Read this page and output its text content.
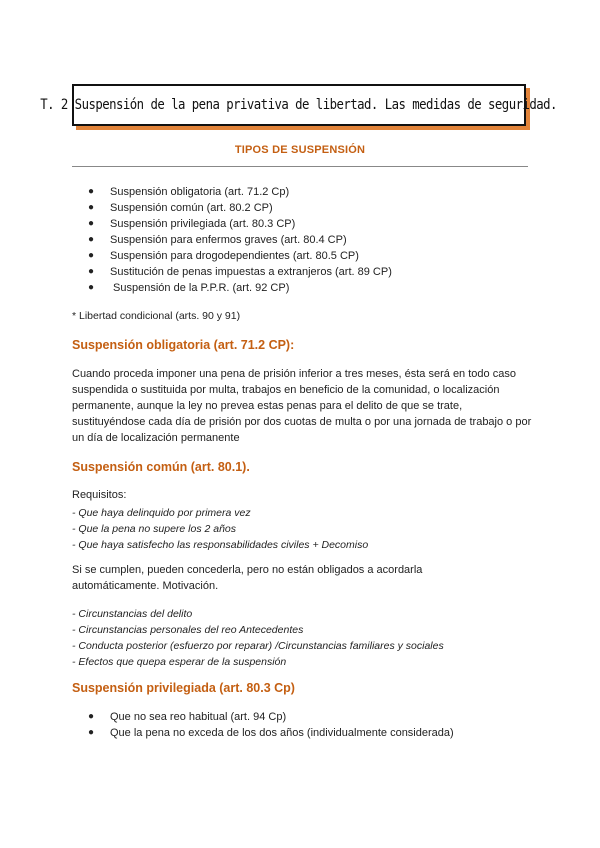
T. 2 Suspensión de la pena privativa de libertad. Las medidas de seguridad.
TIPOS DE SUSPENSIÓN
● Suspensión obligatoria (art. 71.2 Cp)
● Suspensión común (art. 80.2 CP)
● Suspensión privilegiada (art. 80.3 CP)
● Suspensión para enfermos graves (art. 80.4 CP)
● Suspensión para drogodependientes (art. 80.5 CP)
● Sustitución de penas impuestas a extranjeros (art. 89 CP)
● Suspensión de la P.P.R. (art. 92 CP)
* Libertad condicional (arts. 90 y 91)
Suspensión obligatoria (art. 71.2 CP):

Cuando proceda imponer una pena de prisión inferior a tres meses, ésta será en todo caso suspendida o sustituida por multa, trabajos en beneficio de la comunidad, o localización permanente, aunque la ley no prevea estas penas para el delito de que se trate, sustituyéndose cada día de prisión por dos cuotas de multa o por una jornada de trabajo o por un día de localización permanente

Suspensión común (art. 80.1).
Requisitos:
- Que haya delinquido por primera vez
- Que la pena no supere los 2 años
- Que haya satisfecho las responsabilidades civiles + Decomiso

Si se cumplen, pueden concederla, pero no están obligados a acordarla automáticamente. Motivación.

- Circunstancias del delito
- Circunstancias personales del reo Antecedentes
- Conducta posterior (esfuerzo por reparar) /Circunstancias familiares y sociales
- Efectos que quepa esperar de la suspensión
Suspensión privilegiada (art. 80.3 Cp)
● Que no sea reo habitual (art. 94 Cp)
● Que la pena no exceda de los dos años (individualmente considerada)
